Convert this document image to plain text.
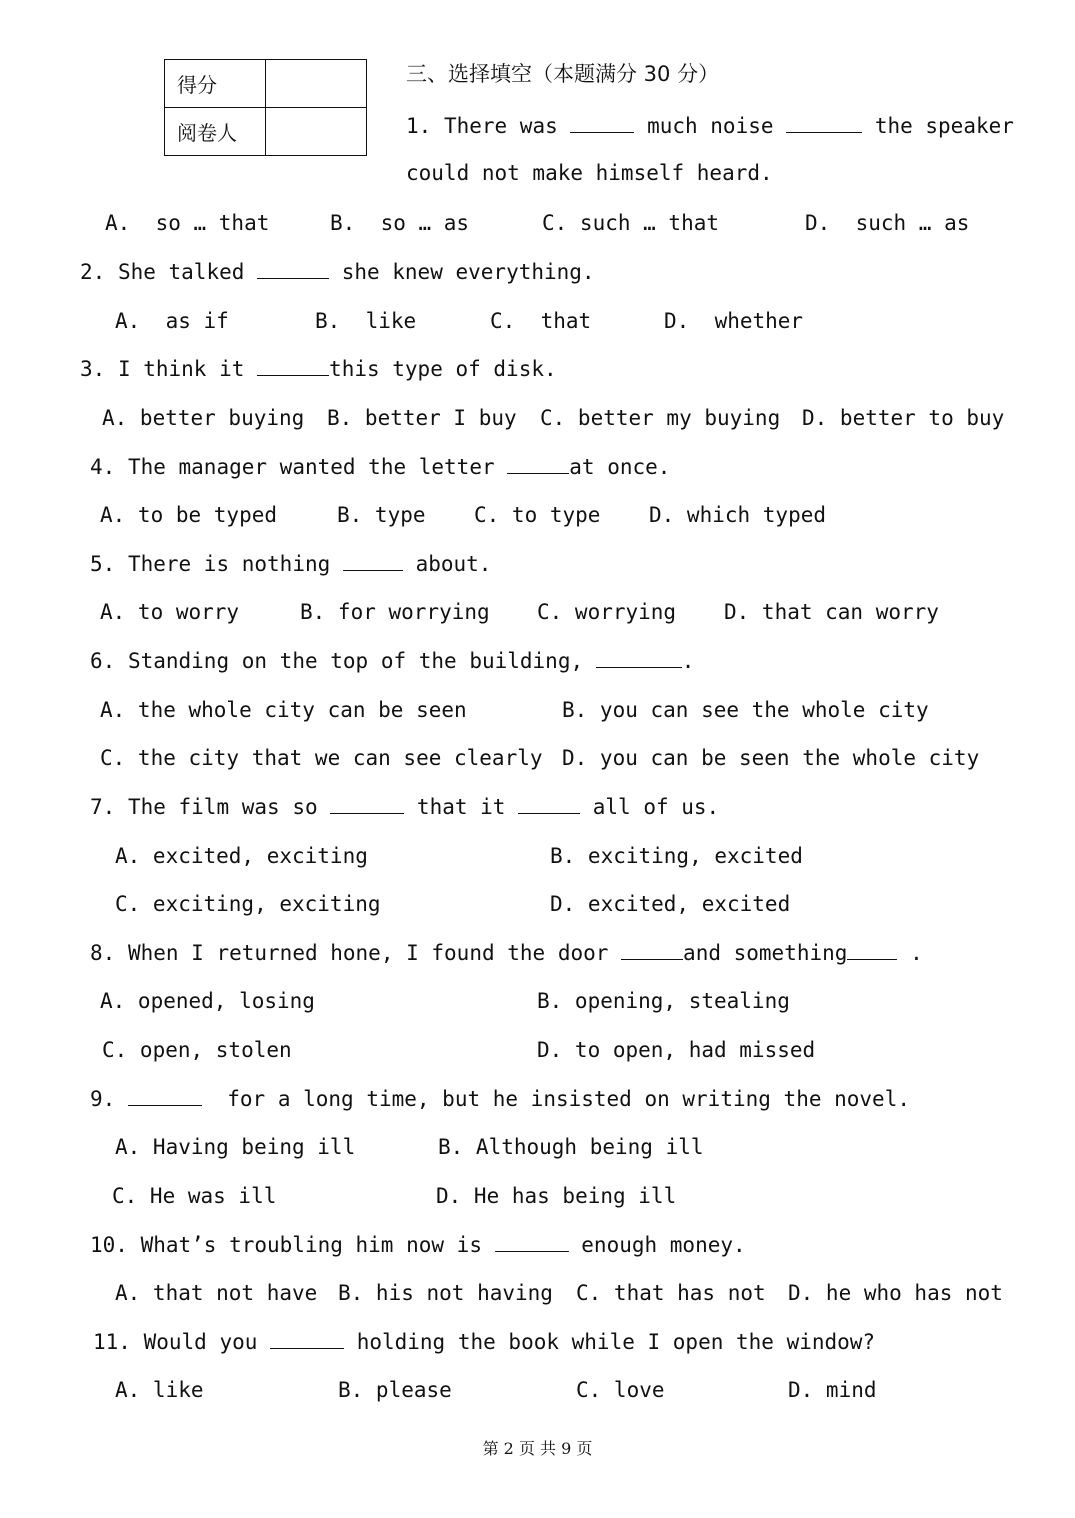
得分	
阅卷人	
三、选择填空（本题满分 30 分）
1. There was	much noise	the speaker
could not make himself heard.
A.  so … that	B.  so … as	C. such … that	D.  such … as
2. She talked	she knew everything.
A.  as if	B.  like	C.  that	D.  whether
3. I think it	this type of disk.
A. better buying B. better I buy C. better my buying D. better to buy
4. The manager wanted the letter	at once.
A. to be typed	B. type C. to type D. which typed
5. There is nothing	about.
A. to worry	B. for worrying C. worrying D. that can worry
6. Standing on the top of the building,	.
A. the whole city can be seen	B. you can see the whole city
C. the city that we can see clearly D. you can be seen the whole city
7. The film was so	that it	all of us.
A. excited, exciting	B. exciting, excited
C. exciting, exciting	D. excited, excited
8. When I returned hone, I found the door	and something	.
A. opened, losing	B. opening, stealing
C. open, stolen	D. to open, had missed
9.	for a long time, but he insisted on writing the novel.
A. Having being ill	B. Although being ill
C. He was ill	D. He has being ill
10. What’s troubling him now is	enough money.
A. that not have B. his not having C. that has not D. he who has not
11. Would you	holding the book while I open the window?
A. like	B. please	C. love	D. mind
第 2 页 共 9 页
